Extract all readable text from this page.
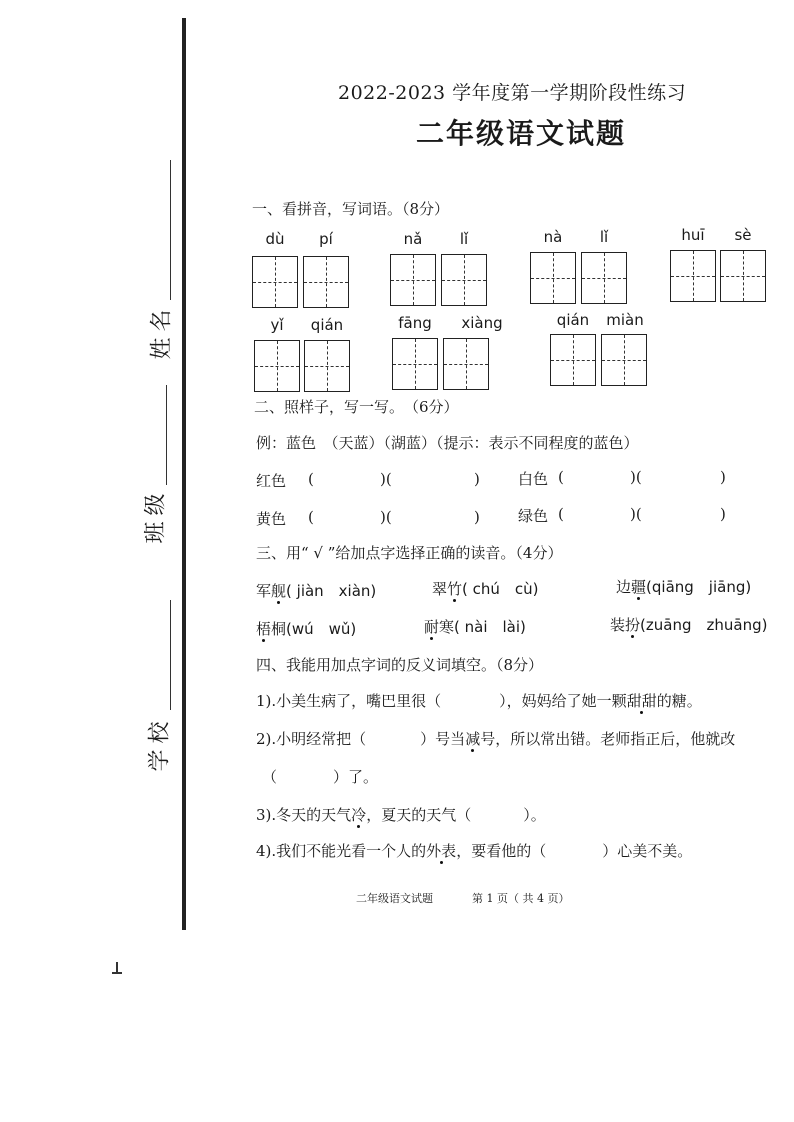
姓名
班级
学校
2022-2023 学年度第一学期阶段性练习
二年级语文试题
一、看拼音，写词语。（8分）
dù	pí	nǎ	lǐ	nà	lǐ	huī	sè
yǐ	qián	fāng	xiàng	qián	miàn
二、照样子，写一写。　（6分）
例：蓝色　（天蓝）（湖蓝）（提示：表示不同程度的蓝色）
红色 (	)(	)	白色 (	)(	)
黄色 (	)(	)	绿色 (	)(	)
三、用“ √ ”给加点字选择正确的读音。（4分）
军舰( jiàn　xiàn)	翠竹( chú　cù)	边疆(qiāng　jiāng)
梧桐(wú　wǔ)	耐寒( nài　lài)	装扮(zuāng　zhuāng)
四、我能用加点字词的反义词填空。（8分）
1).小美生病了，嘴巴里很（	），妈妈给了她一颗甜甜的糖。
2).小明经常把（	）号当减号，所以常出错。老师指正后，他就改
（	）了。
3).冬天的天气冷，夏天的天气（	）。
4).我们不能光看一个人的外表，要看他的（	）心美不美。
二年级语文试题	第 1 页（ 共 4 页）
